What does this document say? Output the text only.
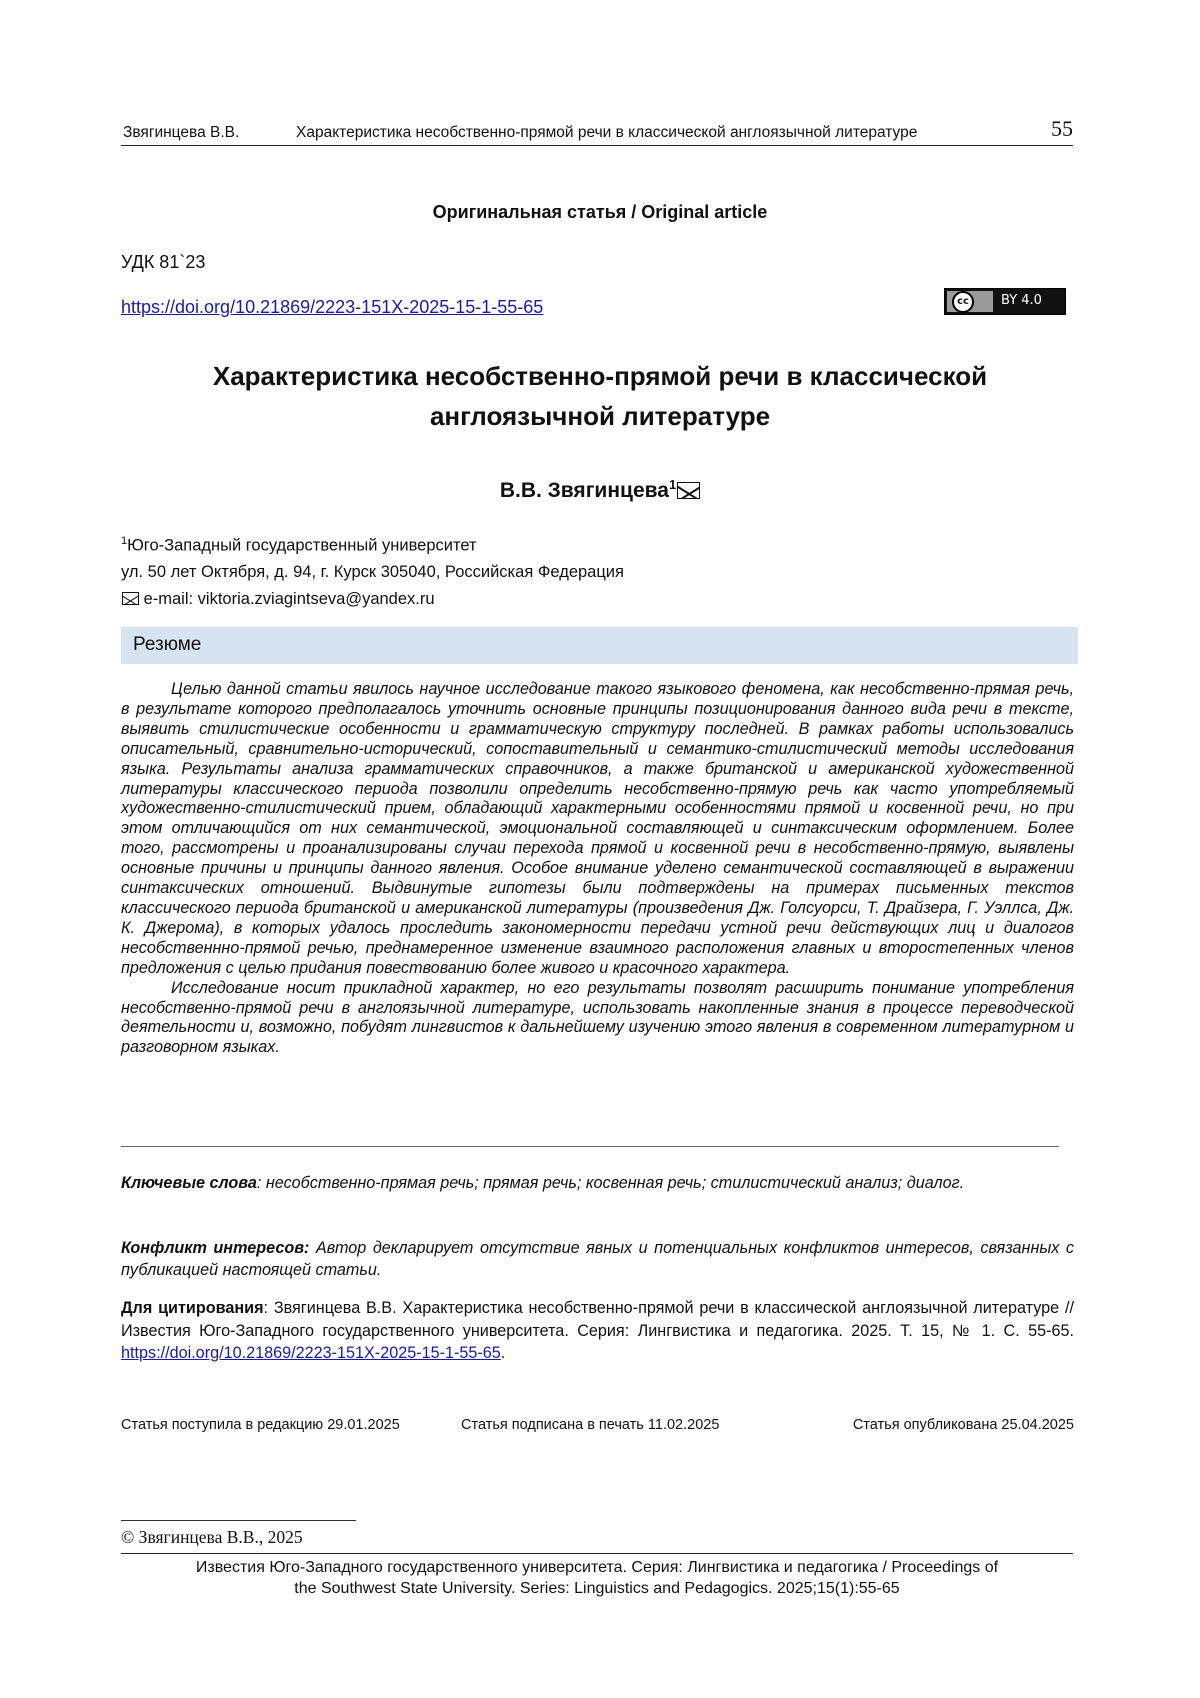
Звягинцева В.В.	Характеристика несобственно-прямой речи в классической англоязычной литературе	55
Оригинальная статья / Original article
УДК 81`23
https://doi.org/10.21869/2223-151X-2025-15-1-55-65	cc	BY 4.0
Характеристика несобственно-прямой речи в классической
англоязычной литературе
В.В. Звягинцева$^1$
$^1$Юго-Западный государственный университет
ул. 50 лет Октября, д. 94, г. Курск 305040, Российская Федерация
e-mail: viktoria.zviagintseva@yandex.ru
Резюме

Целью данной статьи явилось научное исследование такого языкового феномена, как несобственно-прямая речь, в результате которого предполагалось уточнить основные принципы позиционирования данного вида речи в тексте, выявить стилистические особенности и грамматическую структуру последней. В рамках работы использовались описательный, сравнительно-исторический, сопоставительный и семантико-стилистический методы исследования языка. Результаты анализа грамматических справочников, а также британской и американской художественной литературы классического периода позволили определить несобственно-прямую речь как часто употребляемый художественно-стилистический прием, обладающий характерными особенностями прямой и косвенной речи, но при этом отличающийся от них семантической, эмоциональной составляющей и синтаксическим оформлением. Более того, рассмотрены и проанализированы случаи перехода прямой и косвенной речи в несобственно-прямую, выявлены основные причины и принципы данного явления. Особое внимание уделено семантической составляющей в выражении синтаксических отношений. Выдвинутые гипотезы были подтверждены на примерах письменных текстов классического периода британской и американской литературы (произведения Дж. Голсуорси, Т. Драйзера, Г. Уэллса, Дж. К. Джерома), в которых удалось проследить закономерности передачи устной речи действующих лиц и диалогов несобственнно-прямой речью, преднамеренное изменение взаимного расположения главных и второстепенных членов предложения с целью придания повествованию более живого и красочного характера.

Исследование носит прикладной характер, но его результаты позволят расширить понимание употребления несобственно-прямой речи в англоязычной литературе, использовать накопленные знания в процессе переводческой деятельности и, возможно, побудят лингвистов к дальнейшему изучению этого явления в современном литературном и разговорном языках.

Ключевые слова: несобственно-прямая речь; прямая речь; косвенная речь; стилистический анализ; диалог.
Конфликт интересов: Автор декларирует отсутствие явных и потенциальных конфликтов интересов, связанных с публикацией настоящей статьи.
Для цитирования: Звягинцева В.В. Характеристика несобственно-прямой речи в классической англоязычной литературе // Известия Юго-Западного государственного университета. Серия: Лингвистика и педагогика. 2025. Т. 15, № 1. С. 55-65. https://doi.org/10.21869/2223-151X-2025-15-1-55-65.
Статья поступила в редакцию 29.01.2025	Статья подписана в печать 11.02.2025	Статья опубликована 25.04.2025
© Звягинцева В.В., 2025
Известия Юго-Западного государственного университета. Серия: Лингвистика и педагогика / Proceedings of
the Southwest State University. Series: Linguistics and Pedagogics. 2025;15(1):55-65
